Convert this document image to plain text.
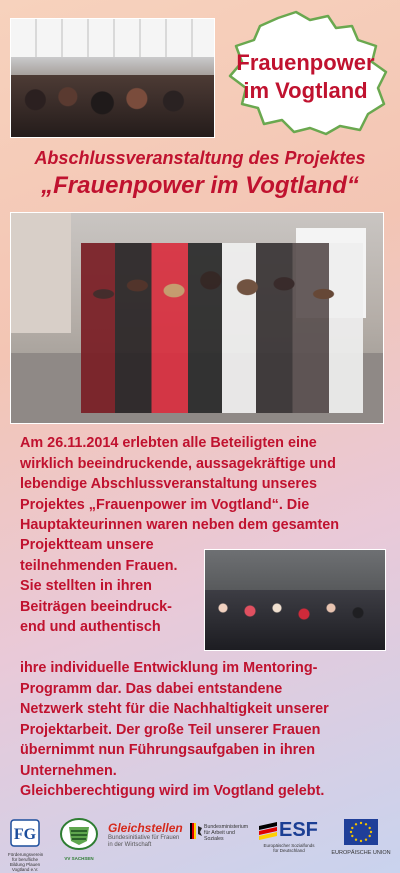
Frauenpower
im Vogtland
Abschlussveranstaltung des Projektes
„Frauenpower im Vogtland“
Am 26.11.2014 erlebten alle Beteiligten eine
wirklich beeindruckende, aussagekräftige und
lebendige Abschlussveranstaltung unseres
Projektes „Frauenpower im Vogtland“. Die
Hauptakteurinnen waren neben dem gesamten
Projektteam unsere
teilnehmenden Frauen.
Sie stellten in ihren
Beiträgen beeindruck-
end und authentisch
ihre individuelle Entwicklung im Mentoring-
Programm dar. Das dabei entstandene
Netzwerk steht für die Nachhaltigkeit unserer
Projektarbeit. Der große Teil unserer Frauen
übernimmt nun Führungsaufgaben in ihren
Unternehmen.
Gleichberechtigung wird im Vogtland gelebt.
FG
Förderungsverein für berufliche Bildung Plauen Vogtland e.V.
VV SACHSEN
Gleichstellen
Bundesinitiative für Frauen
in der Wirtschaft
Bundesministerium
für Arbeit und Soziales	ESF
Europäischer Sozialfonds
für Deutschland	EUROPÄISCHE UNION
